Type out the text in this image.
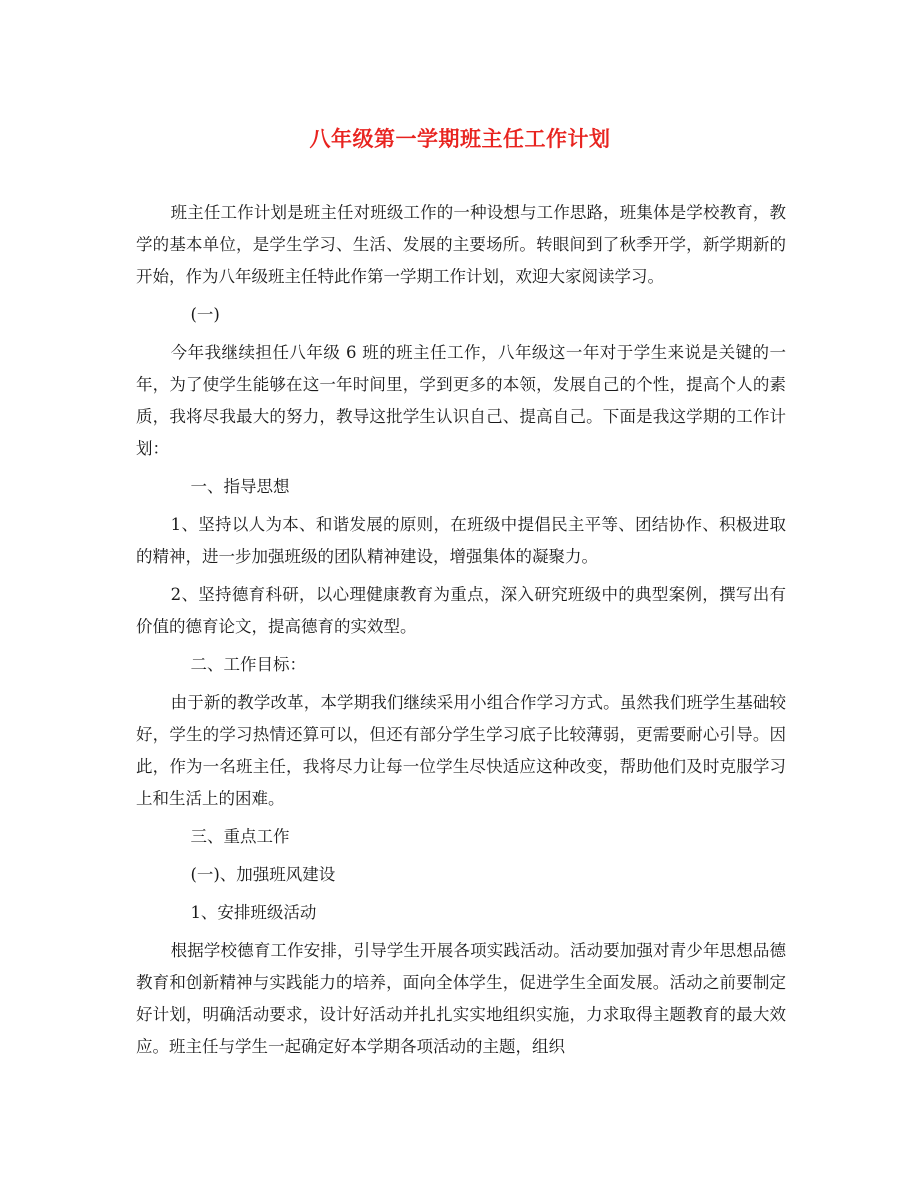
八年级第一学期班主任工作计划

班主任工作计划是班主任对班级工作的一种设想与工作思路，班集体是学校教育，教学的基本单位，是学生学习、生活、发展的主要场所。转眼间到了秋季开学，新学期新的开始，作为八年级班主任特此作第一学期工作计划，欢迎大家阅读学习。

(一)

今年我继续担任八年级 6 班的班主任工作，八年级这一年对于学生来说是关键的一年，为了使学生能够在这一年时间里，学到更多的本领，发展自己的个性，提高个人的素质，我将尽我最大的努力，教导这批学生认识自己、提高自己。下面是我这学期的工作计划：

一、指导思想

1、坚持以人为本、和谐发展的原则，在班级中提倡民主平等、团结协作、积极进取的精神，进一步加强班级的团队精神建设，增强集体的凝聚力。

2、坚持德育科研，以心理健康教育为重点，深入研究班级中的典型案例，撰写出有价值的德育论文，提高德育的实效型。

二、工作目标：

由于新的教学改革，本学期我们继续采用小组合作学习方式。虽然我们班学生基础较好，学生的学习热情还算可以，但还有部分学生学习底子比较薄弱，更需要耐心引导。因此，作为一名班主任，我将尽力让每一位学生尽快适应这种改变，帮助他们及时克服学习上和生活上的困难。

三、重点工作

(一)、加强班风建设

1、安排班级活动

根据学校德育工作安排，引导学生开展各项实践活动。活动要加强对青少年思想品德教育和创新精神与实践能力的培养，面向全体学生，促进学生全面发展。活动之前要制定好计划，明确活动要求，设计好活动并扎扎实实地组织实施，力求取得主题教育的最大效应。班主任与学生一起确定好本学期各项活动的主题，组织
